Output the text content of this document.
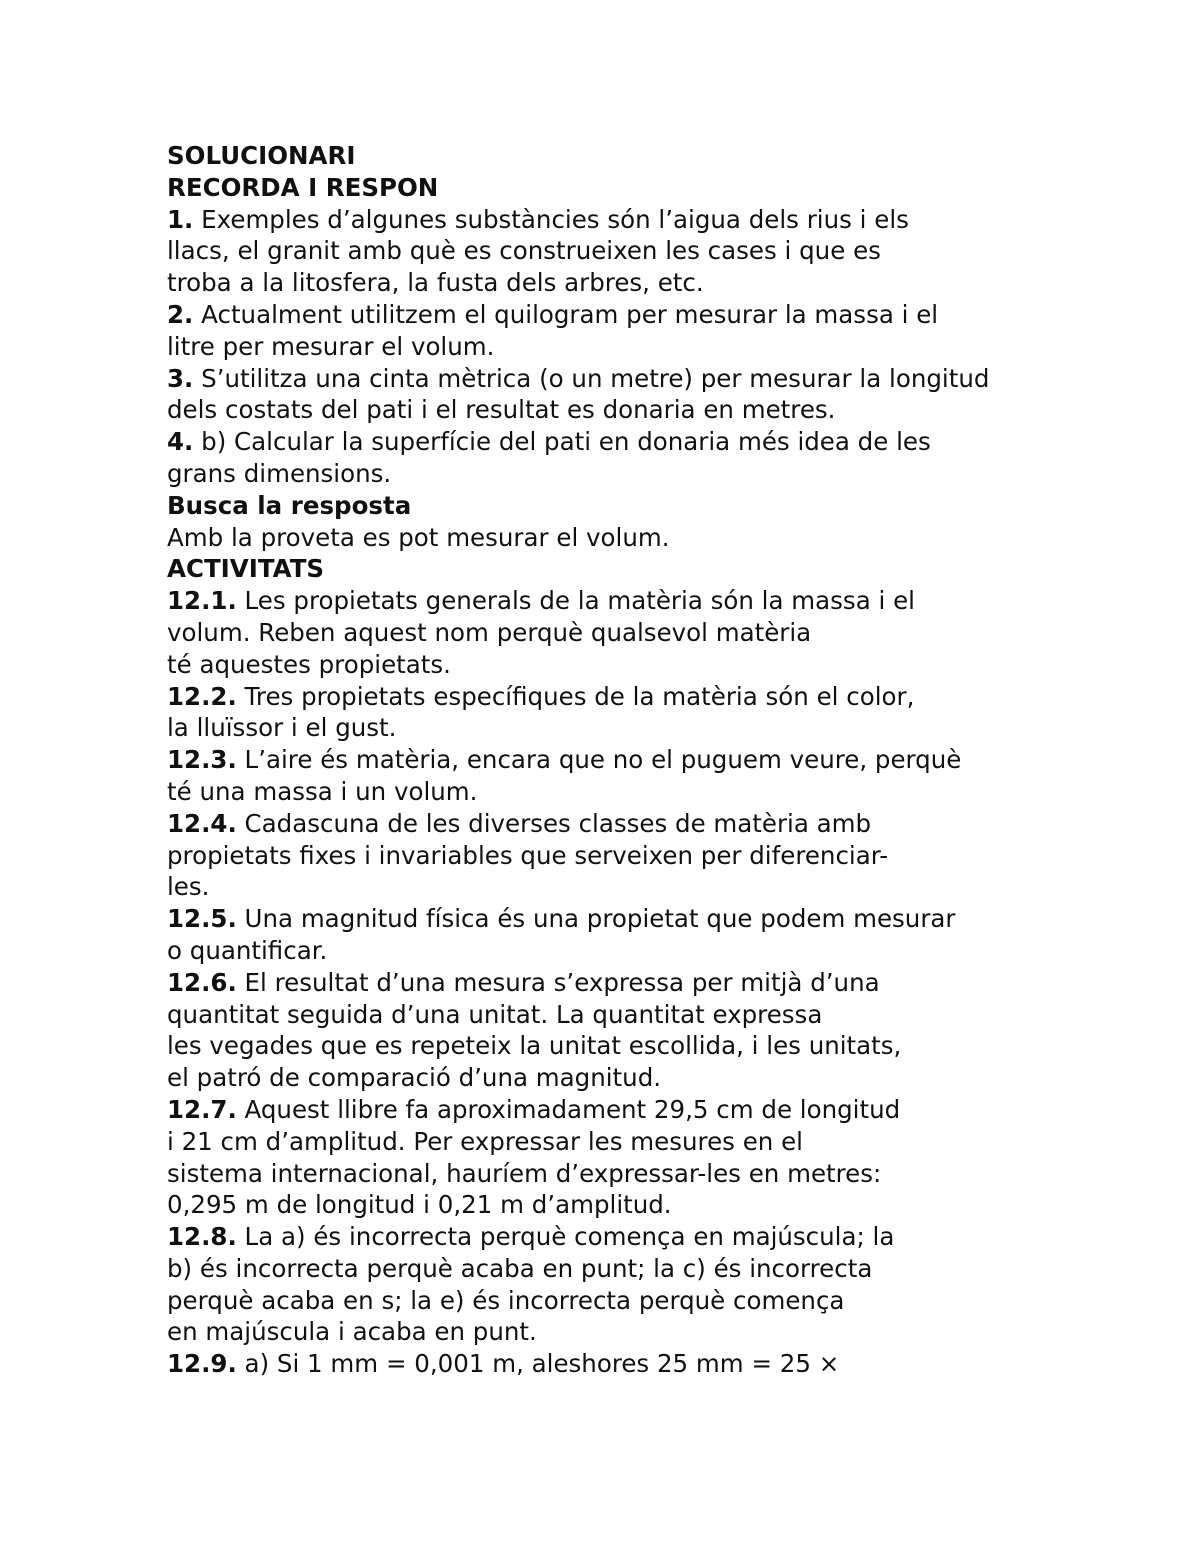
SOLUCIONARI
RECORDA I RESPON
1. Exemples d’algunes substàncies són l’aigua dels rius i els
llacs, el granit amb què es construeixen les cases i que es
troba a la litosfera, la fusta dels arbres, etc.
2. Actualment utilitzem el quilogram per mesurar la massa i el
litre per mesurar el volum.
3. S’utilitza una cinta mètrica (o un metre) per mesurar la longitud
dels costats del pati i el resultat es donaria en metres.
4. b) Calcular la superfície del pati en donaria més idea de les
grans dimensions.
Busca la resposta
Amb la proveta es pot mesurar el volum.
ACTIVITATS
12.1. Les propietats generals de la matèria són la massa i el
volum. Reben aquest nom perquè qualsevol matèria
té aquestes propietats.
12.2. Tres propietats específiques de la matèria són el color,
la lluïssor i el gust.
12.3. L’aire és matèria, encara que no el puguem veure, perquè
té una massa i un volum.
12.4. Cadascuna de les diverses classes de matèria amb
propietats fixes i invariables que serveixen per diferenciar-
les.
12.5. Una magnitud física és una propietat que podem mesurar
o quantificar.
12.6. El resultat d’una mesura s’expressa per mitjà d’una
quantitat seguida d’una unitat. La quantitat expressa
les vegades que es repeteix la unitat escollida, i les unitats,
el patró de comparació d’una magnitud.
12.7. Aquest llibre fa aproximadament 29,5 cm de longitud
i 21 cm d’amplitud. Per expressar les mesures en el
sistema internacional, hauríem d’expressar-les en metres:
0,295 m de longitud i 0,21 m d’amplitud.
12.8. La a) és incorrecta perquè comença en majúscula; la
b) és incorrecta perquè acaba en punt; la c) és incorrecta
perquè acaba en s; la e) és incorrecta perquè comença
en majúscula i acaba en punt.
12.9. a) Si 1 mm = 0,001 m, aleshores 25 mm = 25 ×
